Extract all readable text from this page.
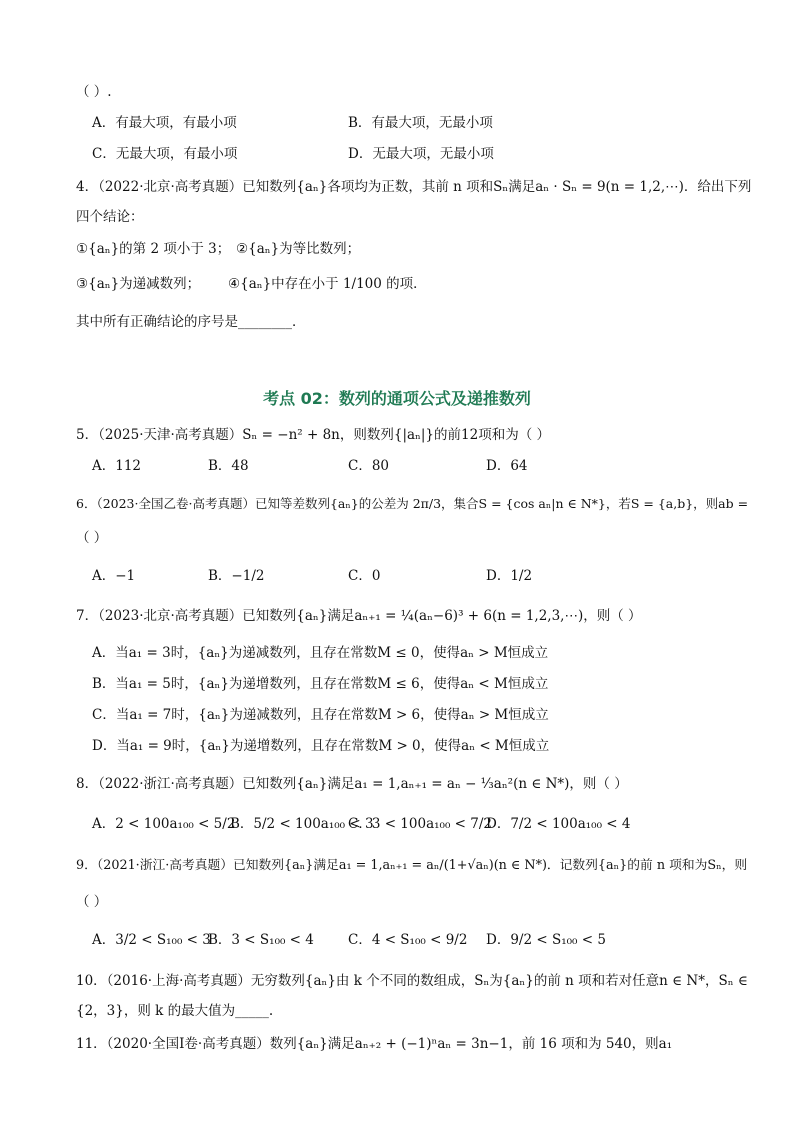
（ ）.
A．有最大项，有最小项	B．有最大项，无最小项
C．无最大项，有最小项	D．无最大项，无最小项
4．（2022·北京·高考真题）已知数列{aₙ}各项均为正数，其前 n 项和Sₙ满足aₙ · Sₙ = 9(n = 1,2,⋯)．给出下列
四个结论：
①{aₙ}的第 2 项小于 3； ②{aₙ}为等比数列；
③{aₙ}为递减数列； ④{aₙ}中存在小于 1/100 的项．
其中所有正确结论的序号是________．
考点 02：数列的通项公式及递推数列
5．（2025·天津·高考真题）Sₙ = −n² + 8n，则数列{|aₙ|}的前12项和为（ ）
A．112	B．48	C．80	D．64
6．（2023·全国乙卷·高考真题）已知等差数列{aₙ}的公差为 2π/3，集合S = {cos aₙ|n ∈ N*}，若S = {a,b}，则ab =
（ ）
A．−1	B．−1/2	C．0	D．1/2
7．（2023·北京·高考真题）已知数列{aₙ}满足aₙ₊₁ = ¼(aₙ−6)³ + 6(n = 1,2,3,⋯)，则（ ）
A．当a₁ = 3时，{aₙ}为递减数列，且存在常数M ≤ 0，使得aₙ > M恒成立
B．当a₁ = 5时，{aₙ}为递增数列，且存在常数M ≤ 6，使得aₙ < M恒成立
C．当a₁ = 7时，{aₙ}为递减数列，且存在常数M > 6，使得aₙ > M恒成立
D．当a₁ = 9时，{aₙ}为递增数列，且存在常数M > 0，使得aₙ < M恒成立
8．（2022·浙江·高考真题）已知数列{aₙ}满足a₁ = 1,aₙ₊₁ = aₙ − ⅓aₙ²(n ∈ N*)，则（ ）
A．2 < 100a₁₀₀ < 5/2
B．5/2 < 100a₁₀₀ < 3
C．3 < 100a₁₀₀ < 7/2
D．7/2 < 100a₁₀₀ < 4
9．（2021·浙江·高考真题）已知数列{aₙ}满足a₁ = 1,aₙ₊₁ = aₙ/(1+√aₙ)(n ∈ N*)．记数列{aₙ}的前 n 项和为Sₙ，则
（ ）
A．3/2 < S₁₀₀ < 3
B．3 < S₁₀₀ < 4	C．4 < S₁₀₀ < 9/2 D．9/2 < S₁₀₀ < 5
10．（2016·上海·高考真题）无穷数列{aₙ}由 k 个不同的数组成，Sₙ为{aₙ}的前 n 项和若对任意n ∈ N*，Sₙ ∈
{2，3}，则 k 的最大值为_____.
11．（2020·全国Ⅰ卷·高考真题）数列{aₙ}满足aₙ₊₂ + (−1)ⁿaₙ = 3n−1，前 16 项和为 540，则a₁
